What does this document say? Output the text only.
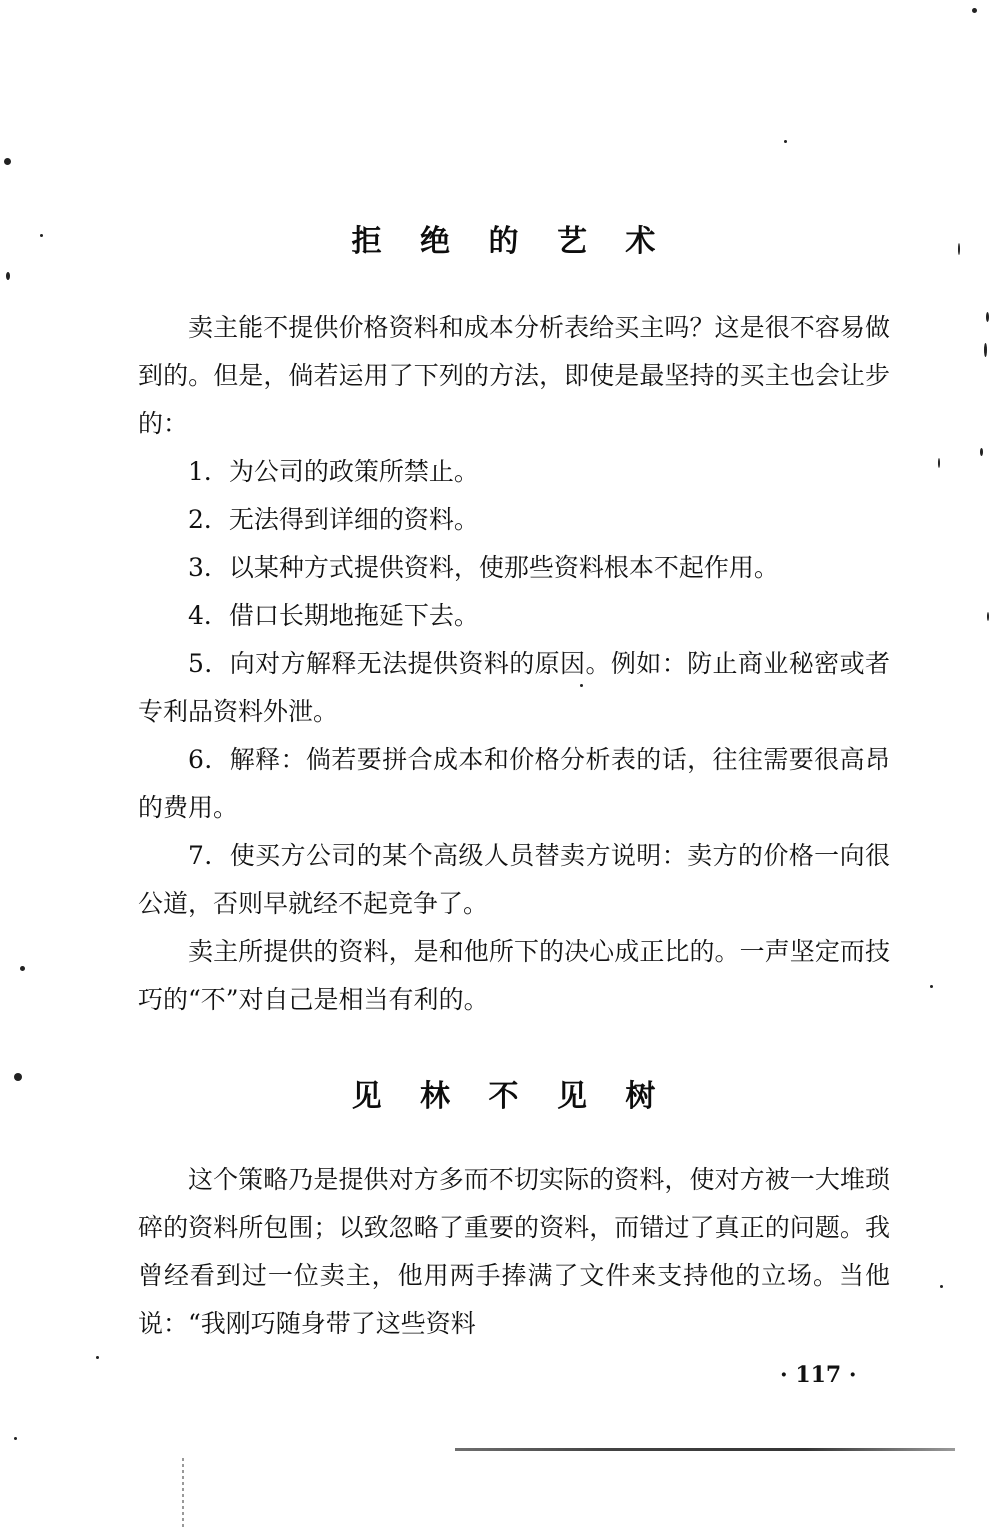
拒 绝 的 艺 术

卖主能不提供价格资料和成本分析表给买主吗？这是很不容易做到的。但是，倘若运用了下列的方法，即使是最坚持的买主也会让步的：

1．为公司的政策所禁止。

2．无法得到详细的资料。

3．以某种方式提供资料，使那些资料根本不起作用。

4．借口长期地拖延下去。

5．向对方解释无法提供资料的原因。例如：防止商业秘密或者专利品资料外泄。

6．解释：倘若要拼合成本和价格分析表的话，往往需要很高昂的费用。

7．使买方公司的某个高级人员替卖方说明：卖方的价格一向很公道，否则早就经不起竞争了。

卖主所提供的资料，是和他所下的决心成正比的。一声坚定而技巧的“不”对自己是相当有利的。

见 林 不 见 树

这个策略乃是提供对方多而不切实际的资料，使对方被一大堆琐碎的资料所包围；以致忽略了重要的资料，而错过了真正的问题。我曾经看到过一位卖主，他用两手捧满了文件来支持他的立场。当他说：“我刚巧随身带了这些资料

· 117 ·
